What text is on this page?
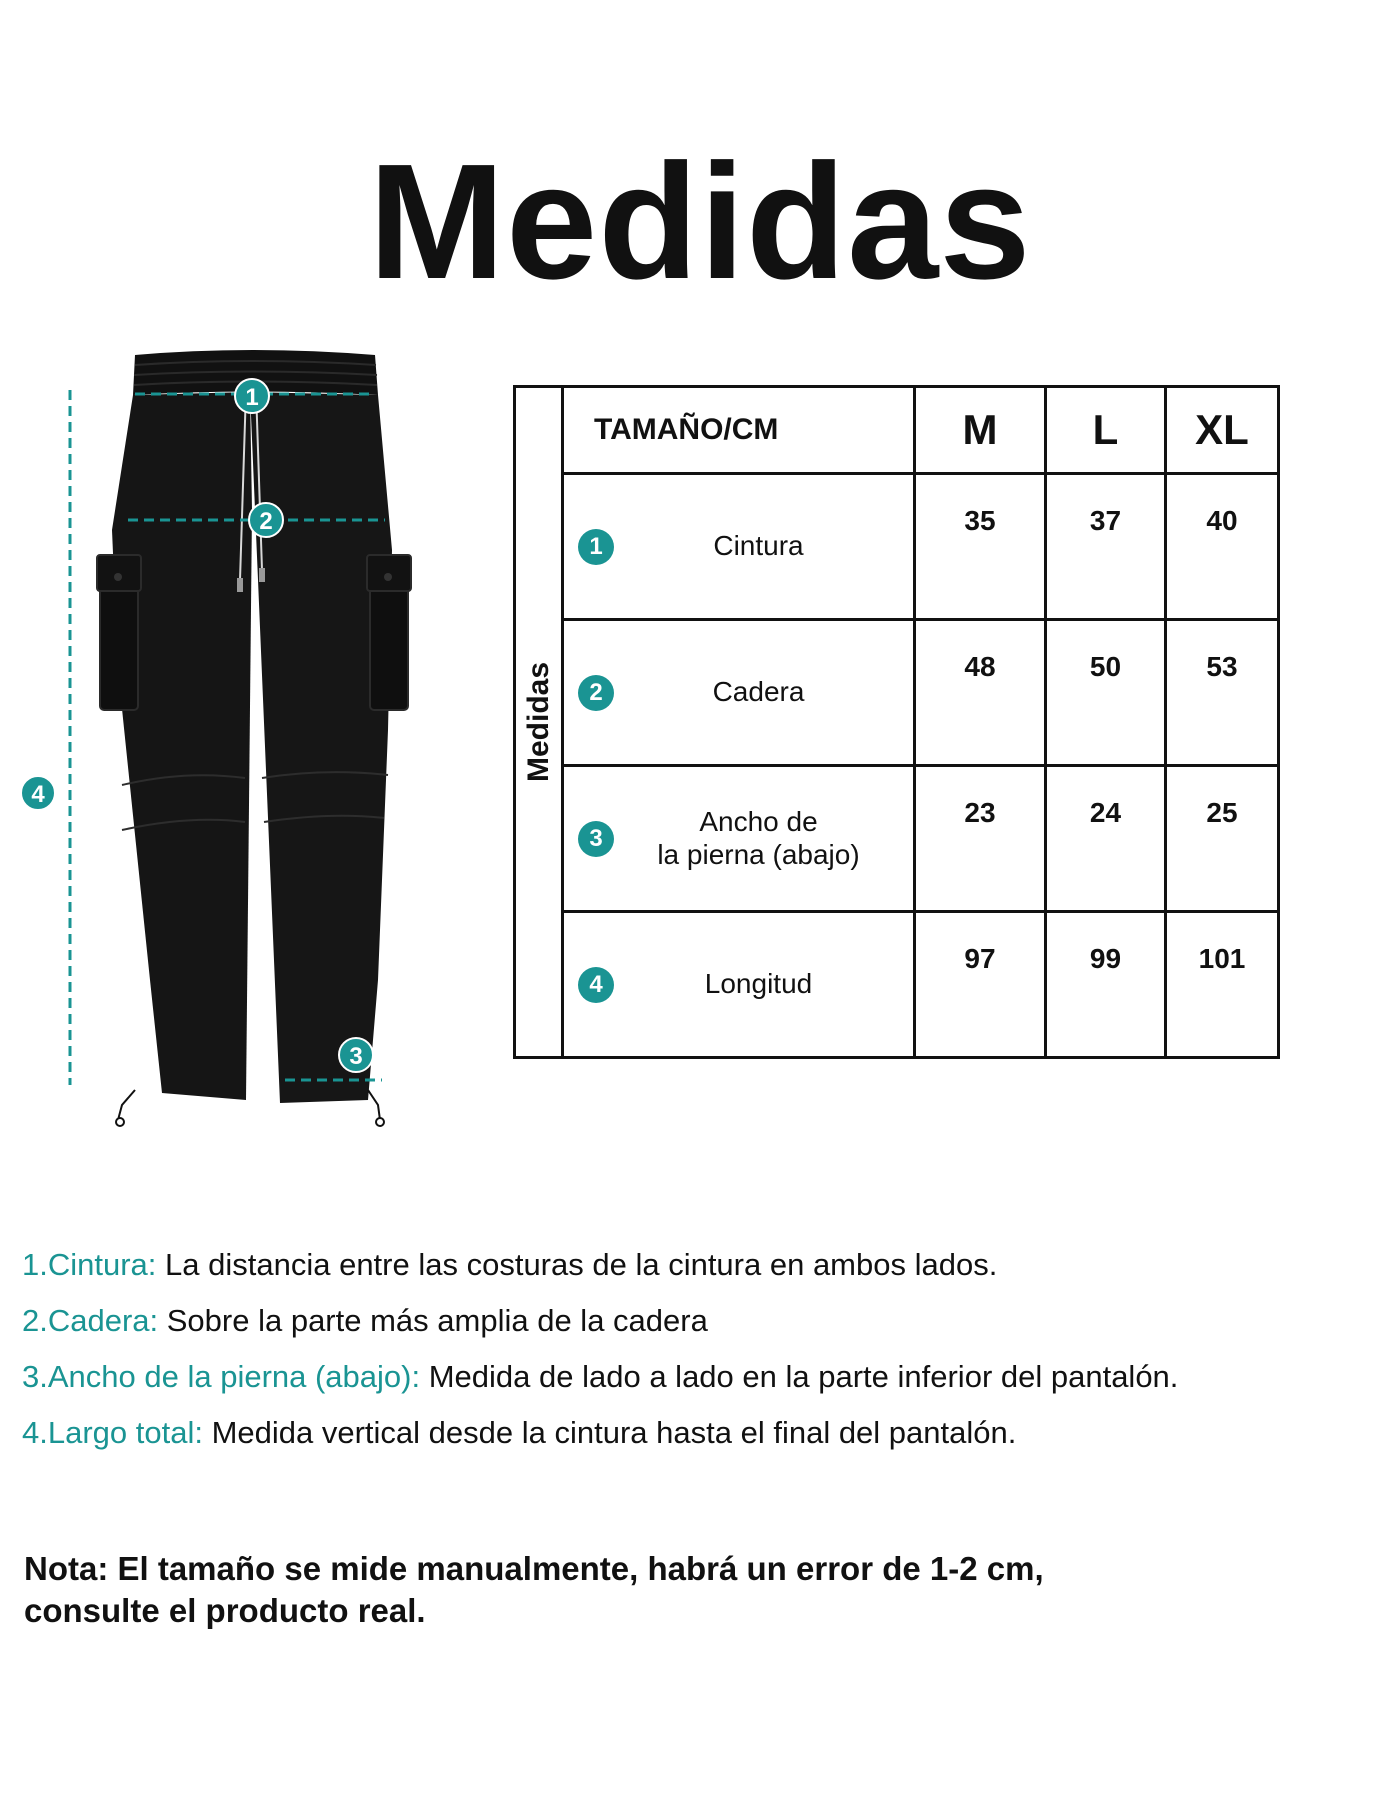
Medidas
1
2
3
4
Medidas	TAMAÑO/CM	M	L	XL

	1 Cintura	35	37	40

	2 Cadera	48	50	53

	3
Ancho de
la pierna (abajo)	23	24	25

	4 Longitud	97	99	101
1.Cintura: La distancia entre las costuras de la cintura en ambos lados.
2.Cadera: Sobre la parte más amplia de la cadera
3.Ancho de la pierna (abajo): Medida de lado a lado en la parte inferior del pantalón.
4.Largo total: Medida vertical desde la cintura hasta el final del pantalón.
Nota: El tamaño se mide manualmente, habrá un error de 1-2 cm,
consulte el producto real.
